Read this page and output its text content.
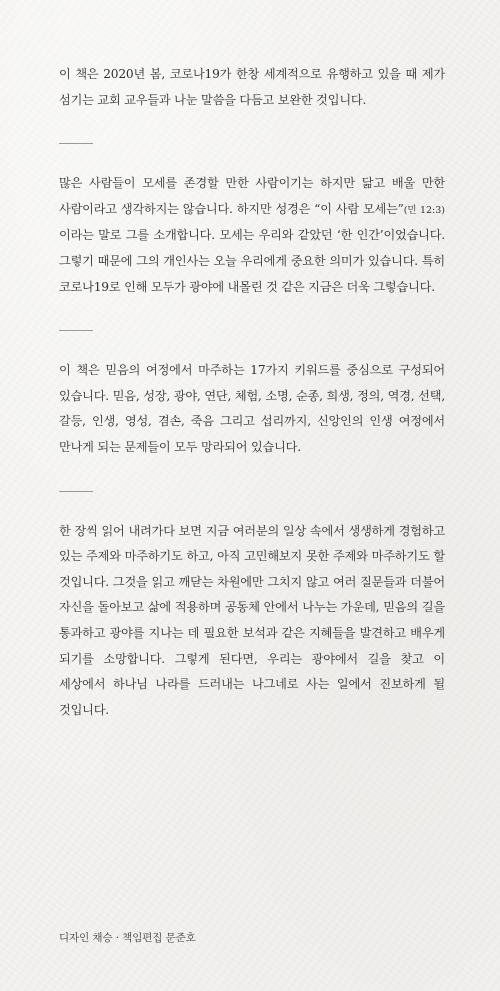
이 책은 2020년 봄, 코로나19가 한창 세계적으로 유행하고 있을 때 제가 섬기는 교회 교우들과 나눈 말씀을 다듬고 보완한 것입니다.

많은 사람들이 모세를 존경할 만한 사람이기는 하지만 닮고 배울 만한 사람이라고 생각하지는 않습니다. 하지만 성경은 “이 사람 모세는”(민 12:3)이라는 말로 그를 소개합니다. 모세는 우리와 같았던 ‘한 인간’이었습니다. 그렇기 때문에 그의 개인사는 오늘 우리에게 중요한 의미가 있습니다. 특히 코로나19로 인해 모두가 광야에 내몰린 것 같은 지금은 더욱 그렇습니다.

이 책은 믿음의 여정에서 마주하는 17가지 키워드를 중심으로 구성되어 있습니다. 믿음, 성장, 광야, 연단, 체험, 소명, 순종, 희생, 정의, 역경, 선택, 갈등, 인생, 영성, 겸손, 죽음 그리고 섭리까지, 신앙인의 인생 여정에서 만나게 되는 문제들이 모두 망라되어 있습니다.

한 장씩 읽어 내려가다 보면 지금 여러분의 일상 속에서 생생하게 경험하고 있는 주제와 마주하기도 하고, 아직 고민해보지 못한 주제와 마주하기도 할 것입니다. 그것을 읽고 깨닫는 차원에만 그치지 않고 여러 질문들과 더불어 자신을 돌아보고 삶에 적용하며 공동체 안에서 나누는 가운데, 믿음의 길을 통과하고 광야를 지나는 데 필요한 보석과 같은 지혜들을 발견하고 배우게 되기를 소망합니다. 그렇게 된다면, 우리는 광야에서 길을 찾고 이 세상에서 하나님 나라를 드러내는 나그네로 사는 일에서 진보하게 될 것입니다.

디자인 채승 · 책임편집 문준호
